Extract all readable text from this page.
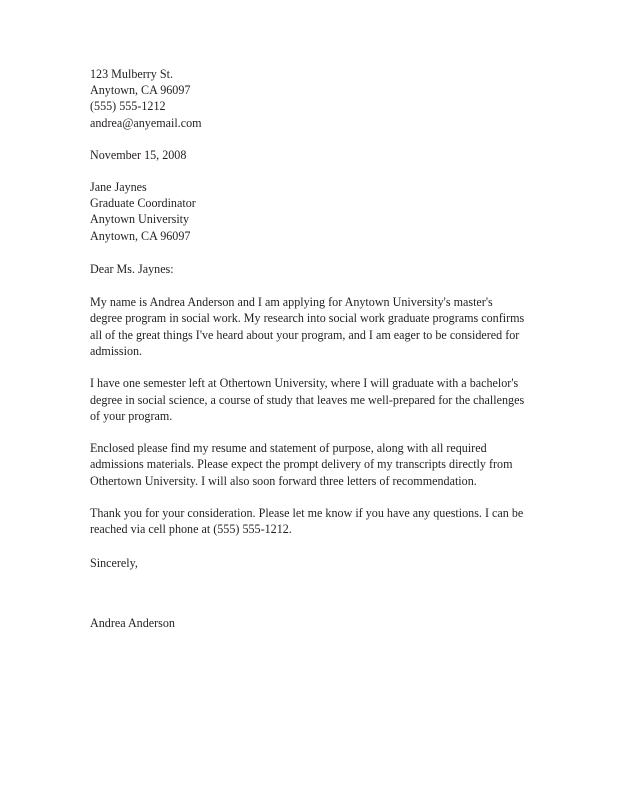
123 Mulberry St.
Anytown, CA 96097
(555) 555-1212
andrea@anyemail.com
November 15, 2008
Jane Jaynes
Graduate Coordinator
Anytown University
Anytown, CA 96097
Dear Ms. Jaynes:

My name is Andrea Anderson and I am applying for Anytown University's master's degree program in social work. My research into social work graduate programs confirms all of the great things I've heard about your program, and I am eager to be considered for admission.

I have one semester left at Othertown University, where I will graduate with a bachelor's degree in social science, a course of study that leaves me well-prepared for the challenges of your program.

Enclosed please find my resume and statement of purpose, along with all required admissions materials. Please expect the prompt delivery of my transcripts directly from Othertown University. I will also soon forward three letters of recommendation.

Thank you for your consideration. Please let me know if you have any questions. I can be reached via cell phone at (555) 555-1212.

Sincerely,
Andrea Anderson
